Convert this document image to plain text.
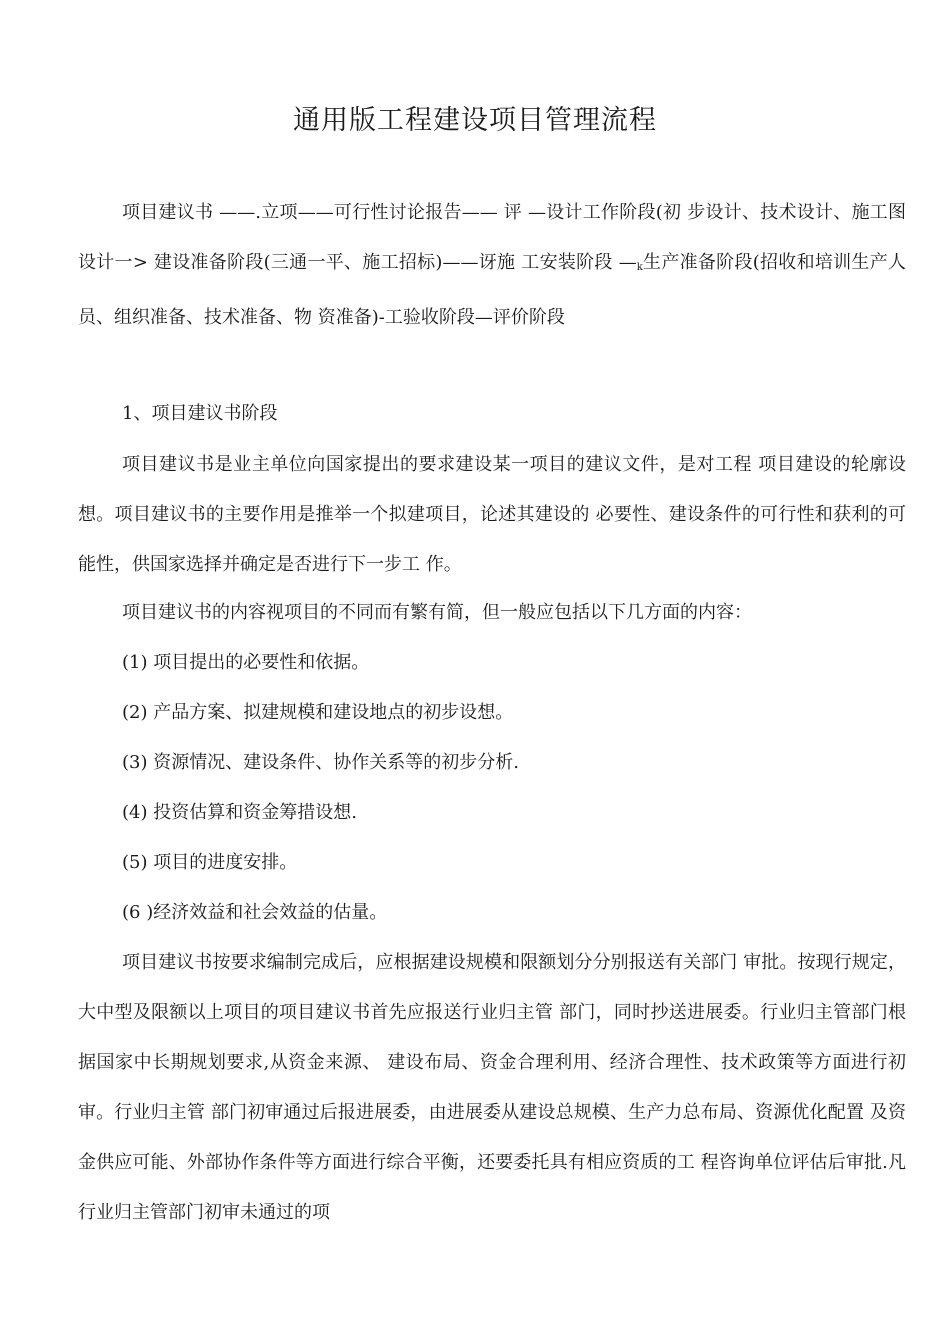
通用版工程建设项目管理流程

项目建议书 ——.立项——可行性讨论报告—— 评 —设计工作阶段(初 步设计、技术设计、施工图设计一> 建设准备阶段(三通一平、施工招标)——讶施 工安装阶段 $—_k$生产准备阶段(招收和培训生产人员、组织准备、技术准备、物 资准备)-工验收阶段—评价阶段

1、项目建议书阶段

项目建议书是业主单位向国家提出的要求建设某一项目的建议文件，是对工程 项目建设的轮廓设想。项目建议书的主要作用是推举一个拟建项目，论述其建设的 必要性、建设条件的可行性和获利的可能性，供国家选择并确定是否进行下一步工 作。

项目建议书的内容视项目的不同而有繁有简，但一般应包括以下几方面的内容：

(1) 项目提出的必要性和依据。

(2) 产品方案、拟建规模和建设地点的初步设想。

(3) 资源情况、建设条件、协作关系等的初步分析.

(4) 投资估算和资金筹措设想.

(5) 项目的进度安排。

(6 )经济效益和社会效益的估量。

项目建议书按要求编制完成后，应根据建设规模和限额划分分别报送有关部门 审批。按现行规定，大中型及限额以上项目的项目建议书首先应报送行业归主管 部门，同时抄送进展委。行业归主管部门根据国家中长期规划要求,从资金来源、 建设布局、资金合理利用、经济合理性、技术政策等方面进行初审。行业归主管 部门初审通过后报进展委，由进展委从建设总规模、生产力总布局、资源优化配置 及资金供应可能、外部协作条件等方面进行综合平衡，还要委托具有相应资质的工 程咨询单位评估后审批.凡行业归主管部门初审未通过的项
